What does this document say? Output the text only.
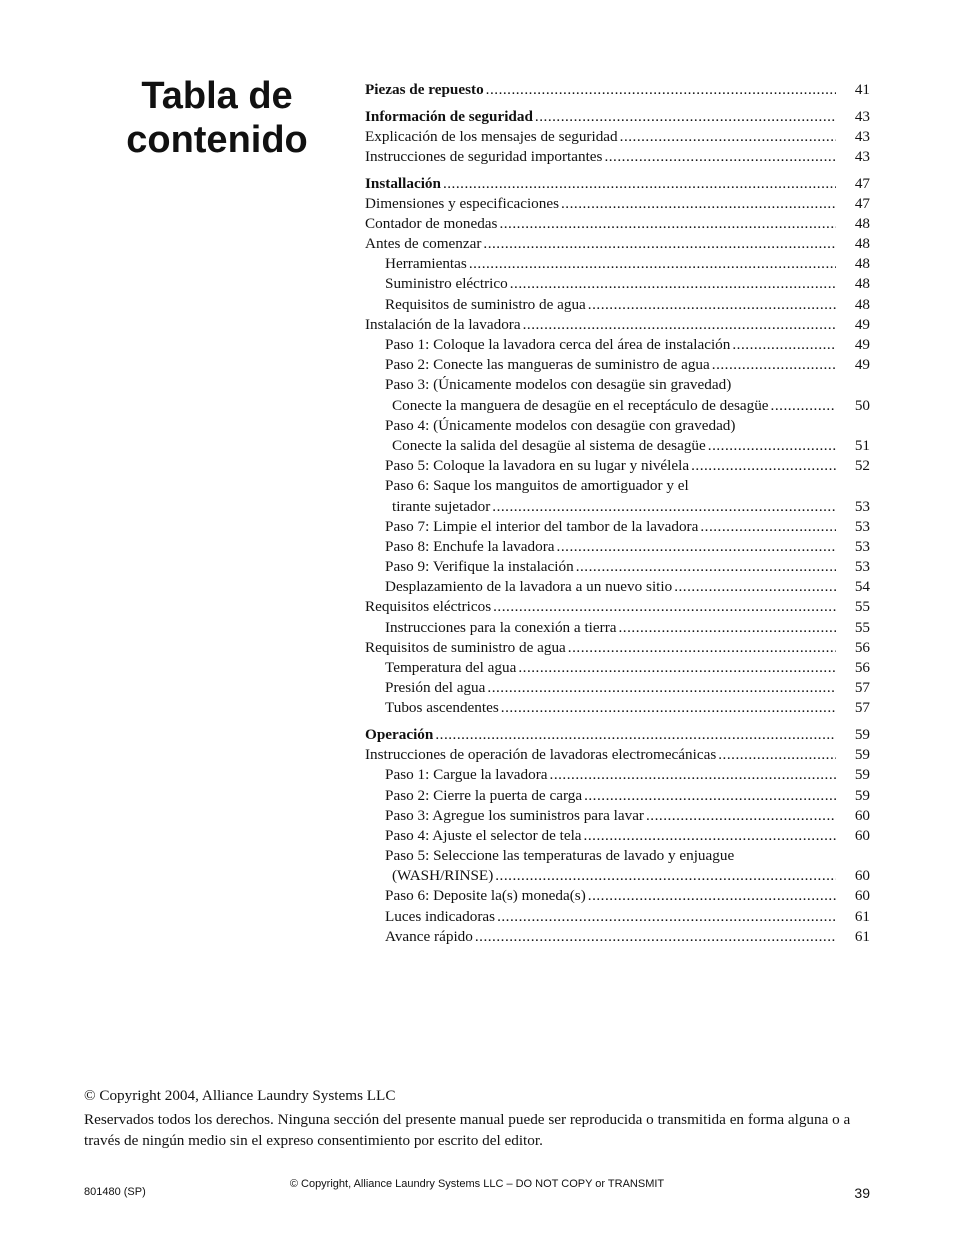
Tabla de
contenido
Piezas de repuesto .....	41
Información de seguridad .....	43
Explicación de los mensajes de seguridad .....	43
Instrucciones de seguridad importantes .....	43
Installación .....	47
Dimensiones y especificaciones .....	47
Contador de monedas .....	48
Antes de comenzar .....	48
Herramientas .....	48
Suministro eléctrico .....	48
Requisitos de suministro de agua .....	48
Instalación de la lavadora .....	49
Paso 1: Coloque la lavadora cerca del área de instalación .....	49
Paso 2: Conecte las mangueras de suministro de agua .....	49
Paso 3: (Únicamente modelos con desagüe sin gravedad)
Conecte la manguera de desagüe en el receptáculo de desagüe .....	50
Paso 4: (Únicamente modelos con desagüe con gravedad)
Conecte la salida del desagüe al sistema de desagüe .....	51
Paso 5: Coloque la lavadora en su lugar y nivélela .....	52
Paso 6: Saque los manguitos de amortiguador y el
tirante sujetador .....	53
Paso 7: Limpie el interior del tambor de la lavadora .....	53
Paso 8: Enchufe la lavadora .....	53
Paso 9: Verifique la instalación .....	53
Desplazamiento de la lavadora a un nuevo sitio .....	54
Requisitos eléctricos .....	55
Instrucciones para la conexión a tierra .....	55
Requisitos de suministro de agua .....	56
Temperatura del agua .....	56
Presión del agua .....	57
Tubos ascendentes .....	57
Operación .....	59
Instrucciones de operación de lavadoras electromecánicas .....	59
Paso 1: Cargue la lavadora .....	59
Paso 2: Cierre la puerta de carga .....	59
Paso 3: Agregue los suministros para lavar .....	60
Paso 4: Ajuste el selector de tela .....	60
Paso 5: Seleccione las temperaturas de lavado y enjuague
(WASH/RINSE) .....	60
Paso 6: Deposite la(s) moneda(s) .....	60
Luces indicadoras .....	61
Avance rápido .....	61

© Copyright 2004, Alliance Laundry Systems LLC

Reservados todos los derechos. Ninguna sección del presente manual puede ser reproducida o transmitida en forma alguna o a través de ningún medio sin el expreso consentimiento por escrito del editor.

801480 (SP)
© Copyright, Alliance Laundry Systems LLC – DO NOT COPY or TRANSMIT
39
